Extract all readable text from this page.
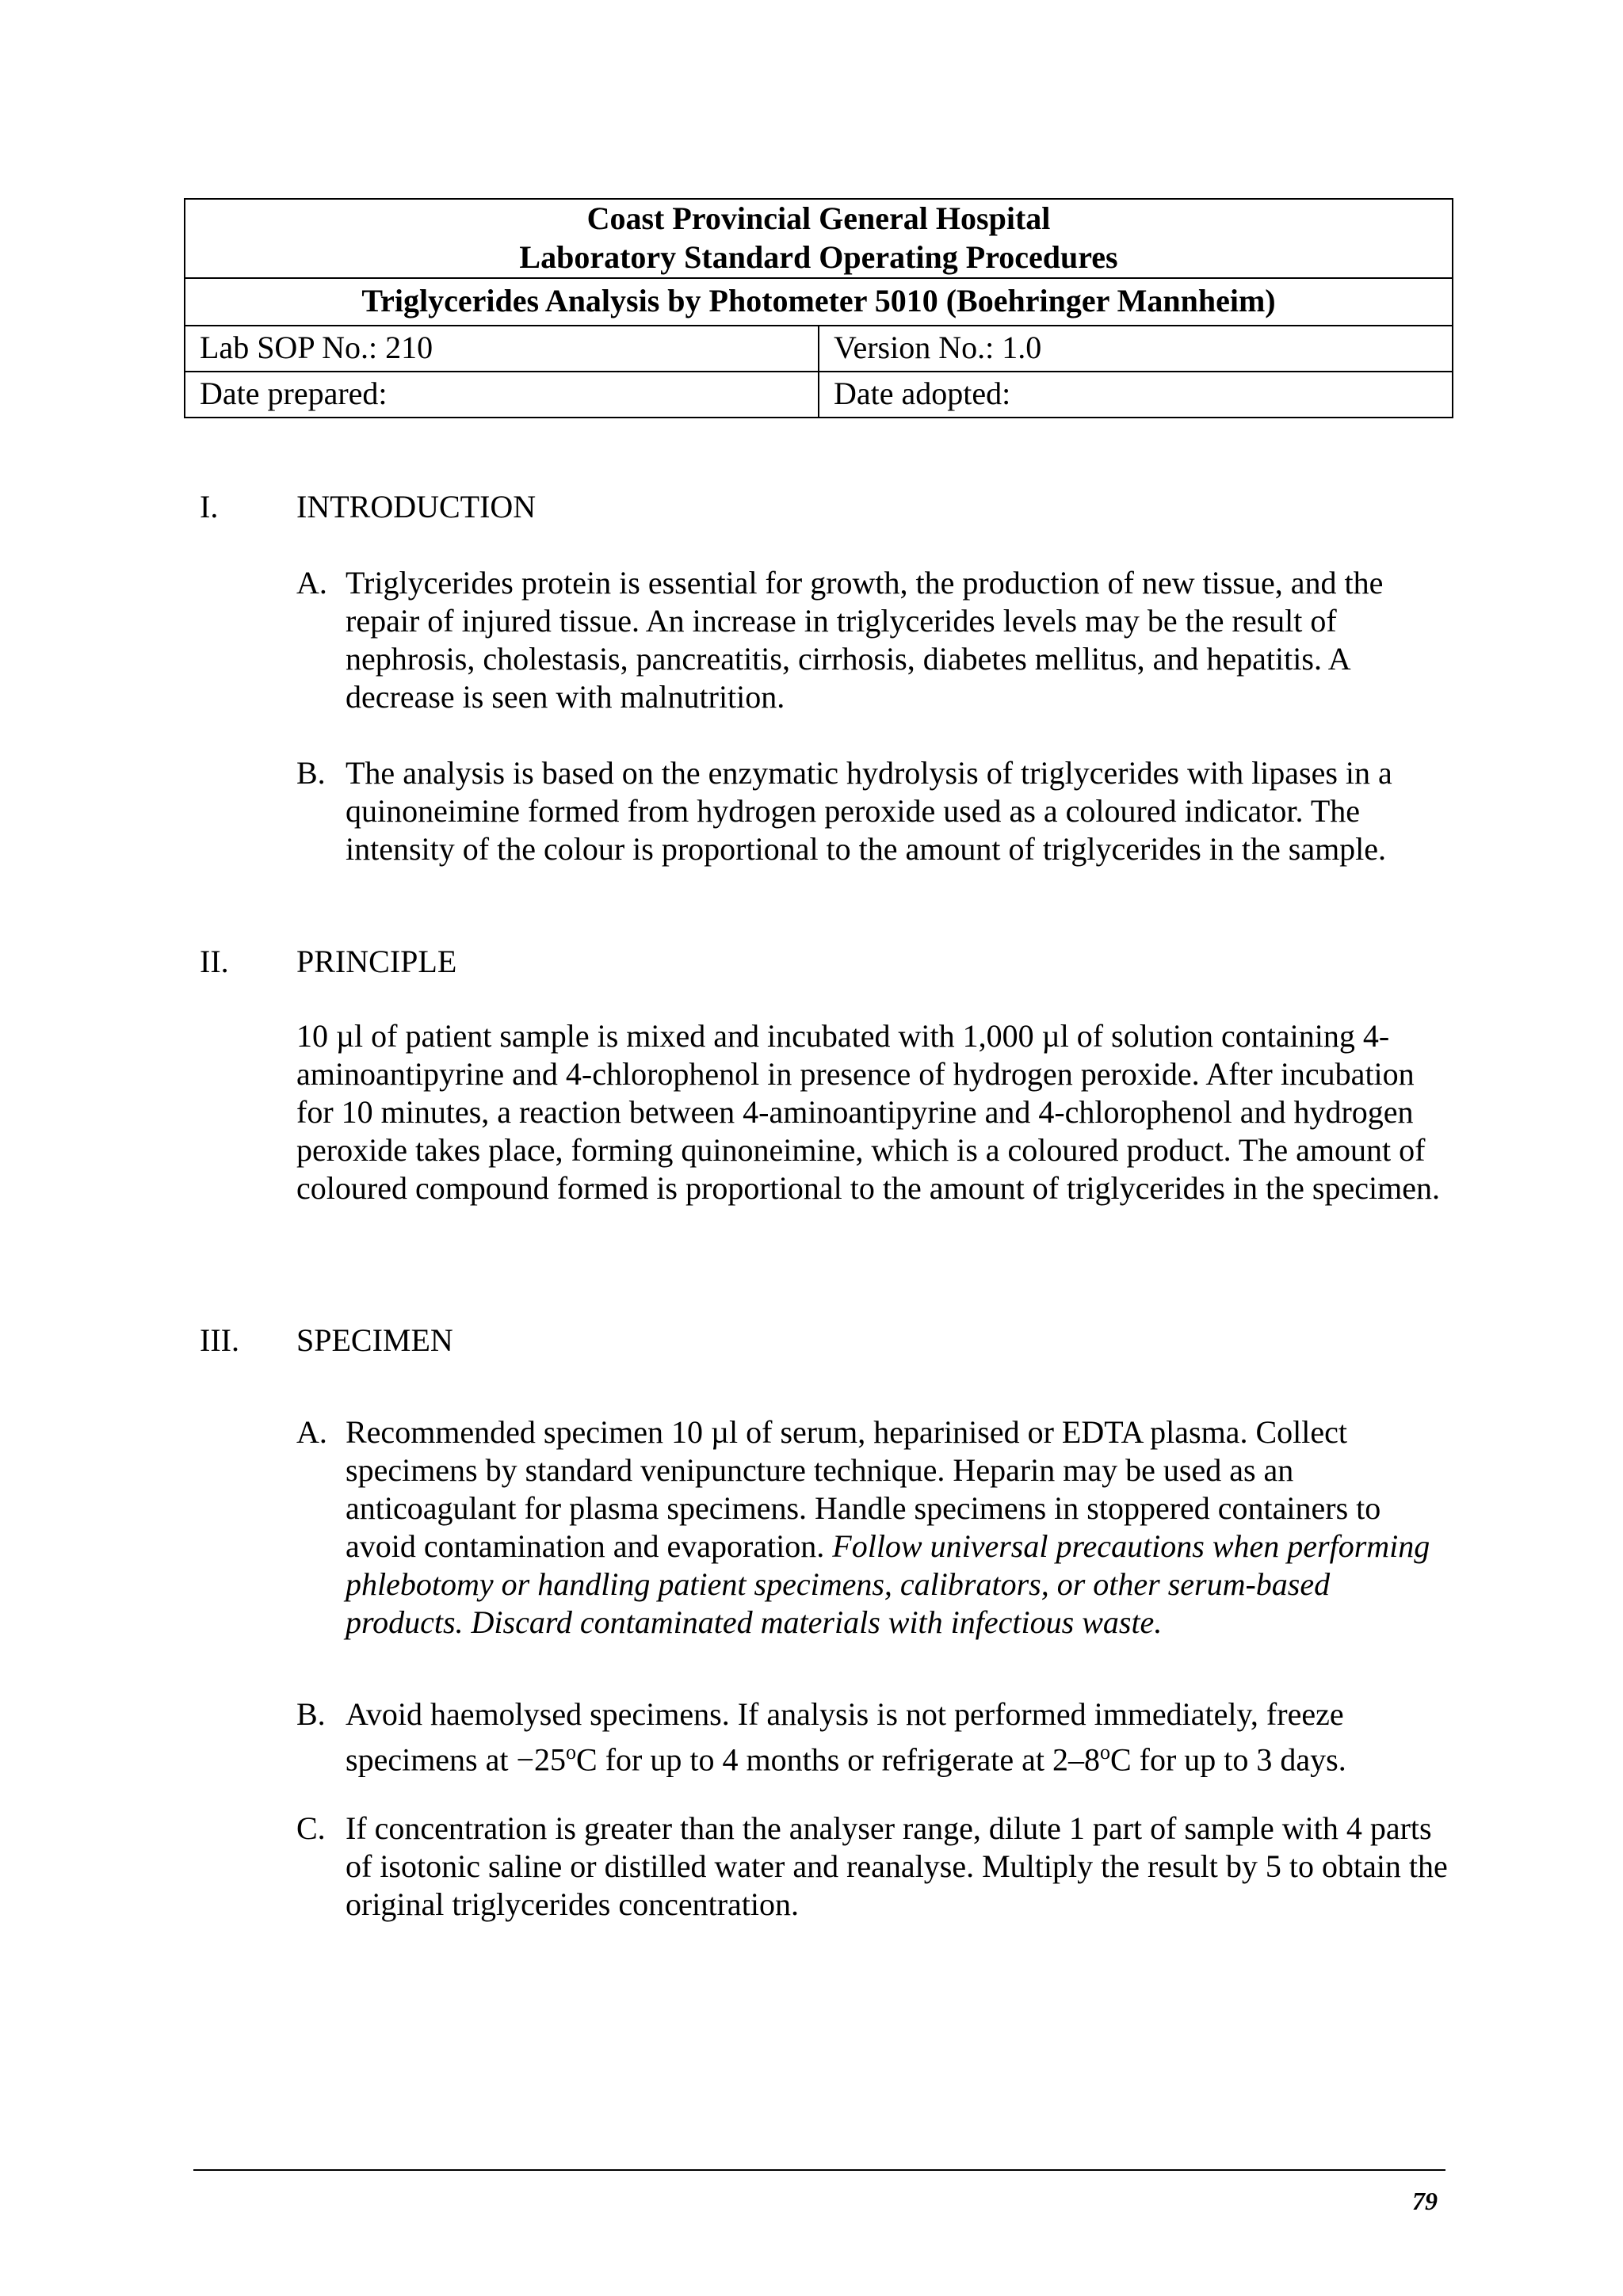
Coast Provincial General Hospital
Laboratory Standard Operating Procedures	

Triglycerides Analysis by Photometer 5010 (Boehringer Mannheim)	
Lab SOP No.: 210	Version No.: 1.0
Date prepared:	Date adopted:
I. INTRODUCTION
A. Triglycerides protein is essential for growth, the production of new tissue, and the repair of injured tissue. An increase in triglycerides levels may be the result of nephrosis, cholestasis, pancreatitis, cirrhosis, diabetes mellitus, and hepatitis. A decrease is seen with malnutrition.
B. The analysis is based on the enzymatic hydrolysis of triglycerides with lipases in a quinoneimine formed from hydrogen peroxide used as a coloured indicator. The intensity of the colour is proportional to the amount of triglycerides in the sample.
II. PRINCIPLE
10 µl of patient sample is mixed and incubated with 1,000 µl of solution containing 4-aminoantipyrine and 4-chlorophenol in presence of hydrogen peroxide. After incubation for 10 minutes, a reaction between 4-aminoantipyrine and 4-chlorophenol and hydrogen peroxide takes place, forming quinoneimine, which is a coloured product. The amount of coloured compound formed is proportional to the amount of triglycerides in the specimen.
III. SPECIMEN
A. Recommended specimen 10 µl of serum, heparinised or EDTA plasma. Collect specimens by standard venipuncture technique. Heparin may be used as an anticoagulant for plasma specimens. Handle specimens in stoppered containers to avoid contamination and evaporation. Follow universal precautions when performing phlebotomy or handling patient specimens, calibrators, or other serum-based products. Discard contaminated materials with infectious waste.
B. Avoid haemolysed specimens. If analysis is not performed immediately, freeze specimens at $-25^oC$ for up to 4 months or refrigerate at 2–8$^o$C for up to 3 days.
C. If concentration is greater than the analyser range, dilute 1 part of sample with 4 parts of isotonic saline or distilled water and reanalyse. Multiply the result by 5 to obtain the original triglycerides concentration.
79
